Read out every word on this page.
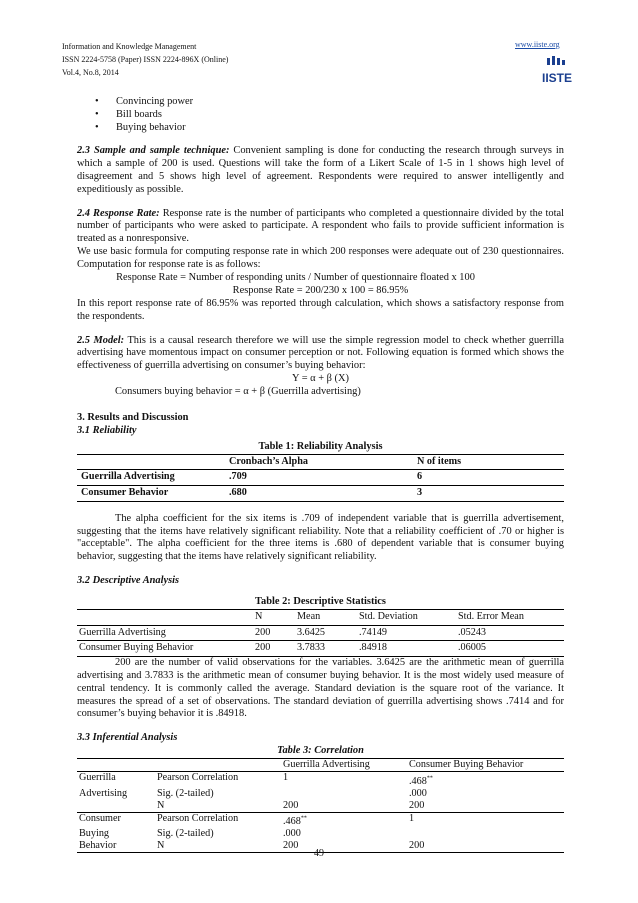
Information and Knowledge Management
ISSN 2224-5758 (Paper) ISSN 2224-896X (Online)
Vol.4, No.8, 2014
www.iiste.org
IISTE
• Convincing power
• Bill boards
• Buying behavior

2.3 Sample and sample technique: Convenient sampling is done for conducting the research through surveys in which a sample of 200 is used. Questions will take the form of a Likert Scale of 1-5 in 1 shows high level of disagreement and 5 shows high level of agreement. Respondents were required to answer intelligently and expeditiously as possible.

2.4 Response Rate: Response rate is the number of participants who completed a questionnaire divided by the total number of participants who were asked to participate. A respondent who fails to provide sufficient information is treated as a nonresponsive.

We use basic formula for computing response rate in which 200 responses were adequate out of 230 questionnaires. Computation for response rate is as follows:

Response Rate = Number of responding units / Number of questionnaire floated x 100

Response Rate = 200/230 x 100 = 86.95%

In this report response rate of 86.95% was reported through calculation, which shows a satisfactory response from the respondents.

2.5 Model: This is a causal research therefore we will use the simple regression model to check whether guerrilla advertising have momentous impact on consumer perception or not. Following equation is formed which shows the effectiveness of guerrilla advertising on consumer’s buying behavior:

Y = α + β (X)

Consumers buying behavior = α + β (Guerrilla advertising)

3. Results and Discussion
3.1 Reliability
Table 1: Reliability Analysis
	Cronbach’s Alpha	N of items
Guerrilla Advertising	.709	6
Consumer Behavior	.680	3

The alpha coefficient for the six items is .709 of independent variable that is guerrilla advertisement, suggesting that the items have relatively significant reliability. Note that a reliability coefficient of .70 or higher is "acceptable". The alpha coefficient for the three items is .680 of dependent variable that is consumer buying behavior, suggesting that the items have relatively significant reliability.

3.2 Descriptive Analysis
Table 2: Descriptive Statistics
	N	Mean	Std. Deviation	Std. Error Mean
Guerrilla Advertising	200	3.6425	.74149	.05243
Consumer Buying Behavior	200	3.7833	.84918	.06005

200 are the number of valid observations for the variables. 3.6425 are the arithmetic mean of guerrilla advertising and 3.7833 is the arithmetic mean of consumer buying behavior. It is the most widely used measure of central tendency. It is commonly called the average. Standard deviation is the square root of the variance. It measures the spread of a set of observations. The standard deviation of guerrilla advertising shows .7414 and for consumer’s buying behavior it is .84918.

3.3 Inferential Analysis
Table 3: Correlation
		Guerrilla Advertising	Consumer Buying Behavior
Guerrilla	Pearson Correlation	1	.468**
Advertising	Sig. (2-tailed)		.000
	N	200	200
Consumer	Pearson Correlation	.468**	1
Buying	Sig. (2-tailed)	.000	
Behavior	N	200	200
49
